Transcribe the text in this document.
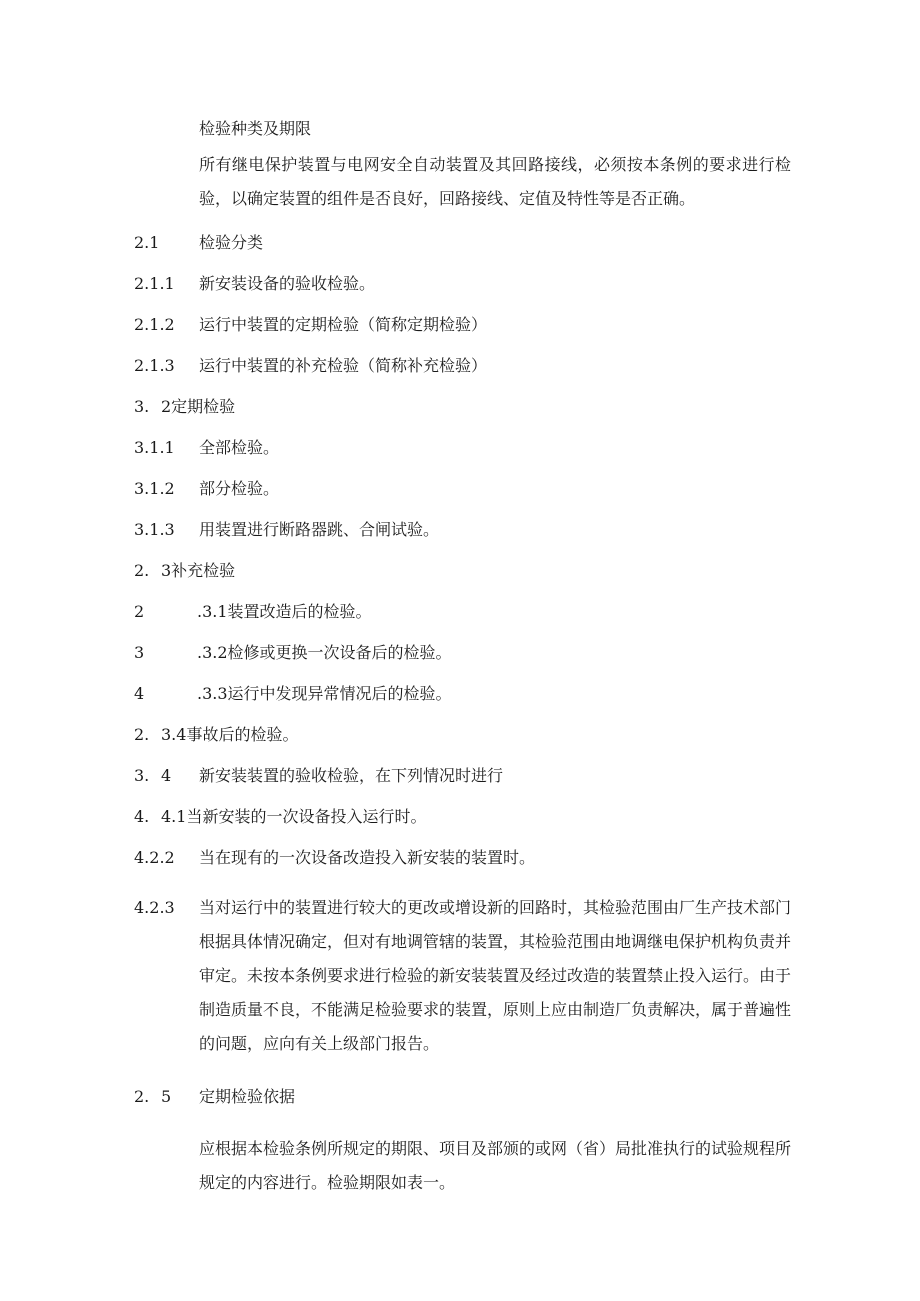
检验种类及期限
所有继电保护装置与电网安全自动装置及其回路接线，必须按本条例的要求进行检验，以确定装置的组件是否良好，回路接线、定值及特性等是否正确。
2.1 检验分类
2.1.1 新安装设备的验收检验。
2.1.2 运行中装置的定期检验（简称定期检验）
2.1.3 运行中装置的补充检验（简称补充检验）
3. 2定期检验
3.1.1 全部检验。
3.1.2 部分检验。
3.1.3 用装置进行断路器跳、合闸试验。
2. 3补充检验
2	.3.1装置改造后的检验。
3	.3.2检修或更换一次设备后的检验。
4	.3.3运行中发现异常情况后的检验。
2. 3.4事故后的检验。
3. 4 新安装装置的验收检验，在下列情况时进行
4. 4.1当新安装的一次设备投入运行时。
4.2.2 当在现有的一次设备改造投入新安装的装置时。
4.2.3 当对运行中的装置进行较大的更改或增设新的回路时，其检验范围由厂生产技术部门根据具体情况确定，但对有地调管辖的装置，其检验范围由地调继电保护机构负责并审定。未按本条例要求进行检验的新安装装置及经过改造的装置禁止投入运行。由于制造质量不良，不能满足检验要求的装置，原则上应由制造厂负责解决，属于普遍性的问题，应向有关上级部门报告。
2. 5 定期检验依据
应根据本检验条例所规定的期限、项目及部颁的或网（省）局批准执行的试验规程所规定的内容进行。检验期限如表一。
